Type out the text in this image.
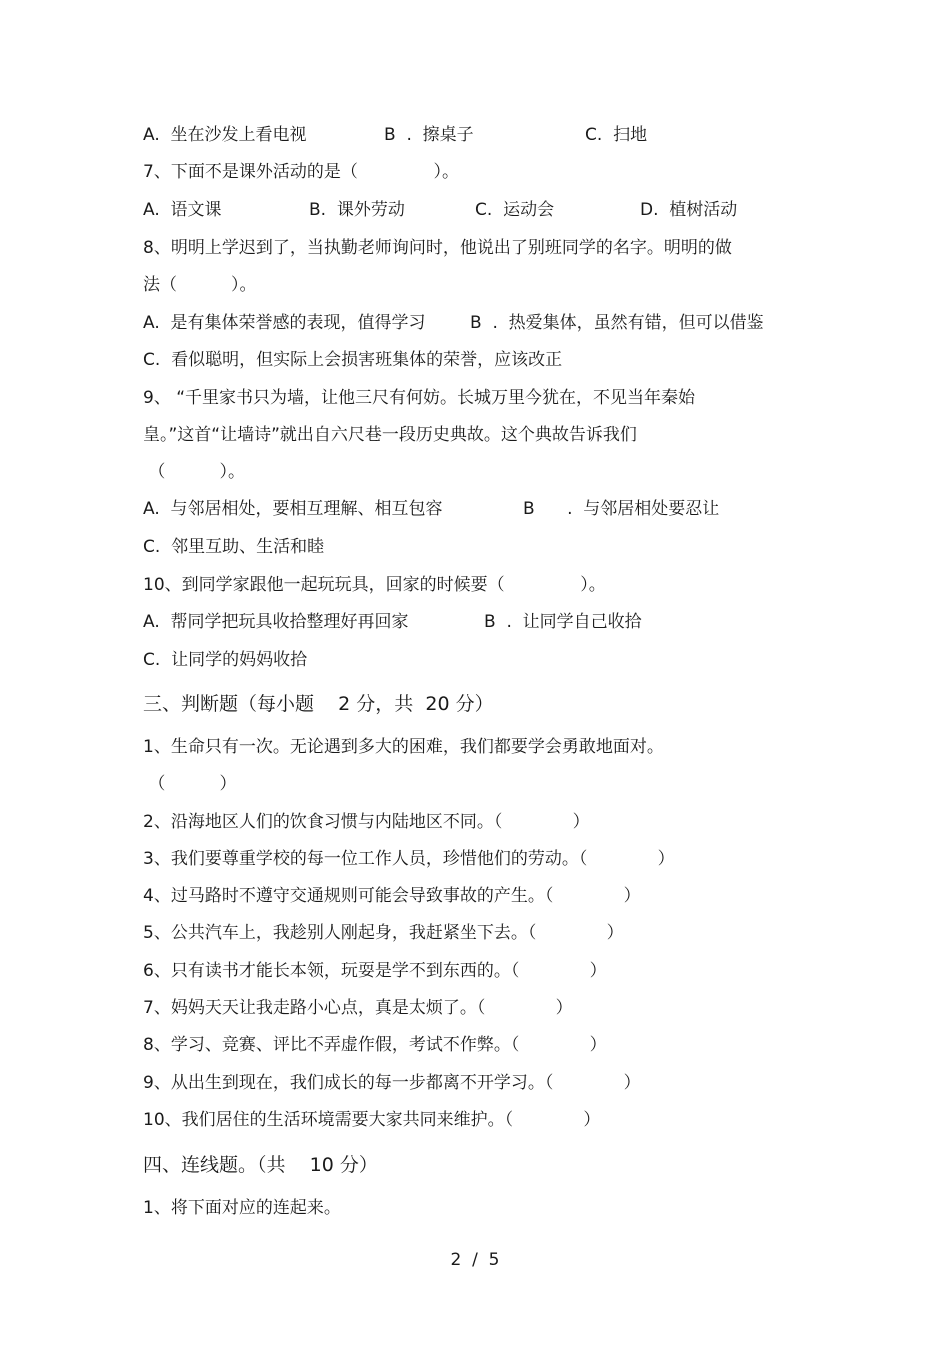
A.  坐在沙发上看电视	B  .  擦桌子	C.  扫地
7、下面不是课外活动的是（              ）。
A.  语文课	B.  课外劳动	C.  运动会	D.  植树活动
8、明明上学迟到了，当执勤老师询问时，他说出了别班同学的名字。明明的做
法（          ）。
A.  是有集体荣誉感的表现，值得学习	B  .  热爱集体，虽然有错，但可以借鉴
C.  看似聪明，但实际上会损害班集体的荣誉，应该改正
9、 “千里家书只为墙，让他三尺有何妨。长城万里今犹在，不见当年秦始
皇。”这首“让墙诗”就出自六尺巷一段历史典故。这个典故告诉我们
（          ）。
A.  与邻居相处，要相互理解、相互包容	B      .  与邻居相处要忍让
C.  邻里互助、生活和睦
10、到同学家跟他一起玩玩具，回家的时候要（              ）。
A.  帮同学把玩具收拾整理好再回家	B  .  让同学自己收拾
C.  让同学的妈妈收拾
三、判断题（每小题    2 分，共  20 分）
1、生命只有一次。无论遇到多大的困难，我们都要学会勇敢地面对。
（          ）
2、沿海地区人们的饮食习惯与内陆地区不同。（             ）
3、我们要尊重学校的每一位工作人员，珍惜他们的劳动。（             ）
4、过马路时不遵守交通规则可能会导致事故的产生。（             ）
5、公共汽车上，我趁别人刚起身，我赶紧坐下去。（             ）
6、只有读书才能长本领，玩耍是学不到东西的。（             ）
7、妈妈天天让我走路小心点，真是太烦了。（             ）
8、学习、竞赛、评比不弄虚作假，考试不作弊。（             ）
9、从出生到现在，我们成长的每一步都离不开学习。（             ）
10、我们居住的生活环境需要大家共同来维护。（             ）
四、连线题。（共    10 分）
1、将下面对应的连起来。
2  /  5
